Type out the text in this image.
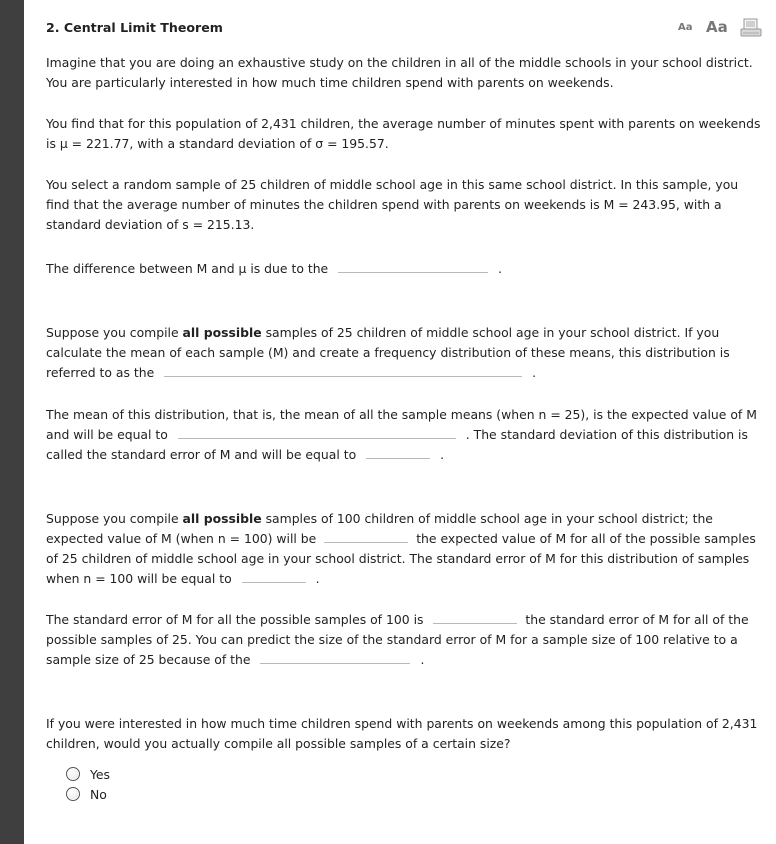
2. Central Limit Theorem	Aa Aa

Imagine that you are doing an exhaustive study on the children in all of the middle schools in your school district. You are particularly interested in how much time children spend with parents on weekends.

You find that for this population of 2,431 children, the average number of minutes spent with parents on weekends is μ = 221.77, with a standard deviation of σ = 195.57.

You select a random sample of 25 children of middle school age in this same school district. In this sample, you find that the average number of minutes the children spend with parents on weekends is M = 243.95, with a standard deviation of s = 215.13.

The difference between M and μ is due to the	.

Suppose you compile all possible samples of 25 children of middle school age in your school district. If you calculate the mean of each sample (M) and create a frequency distribution of these means, this distribution is referred to as the	.

The mean of this distribution, that is, the mean of all the sample means (when n = 25), is the expected value of M and will be equal to	. The standard deviation of this distribution is called the standard error of M and will be equal to	.

Suppose you compile all possible samples of 100 children of middle school age in your school district; the expected value of M (when n = 100) will be	the expected value of M for all of the possible samples of 25 children of middle school age in your school district. The standard error of M for this distribution of samples when n = 100 will be equal to	.

The standard error of M for all the possible samples of 100 is	the standard error of M for all of the possible samples of 25. You can predict the size of the standard error of M for a sample size of 100 relative to a sample size of 25 because of the	.

If you were interested in how much time children spend with parents on weekends among this population of 2,431 children, would you actually compile all possible samples of a certain size?

Yes
No
